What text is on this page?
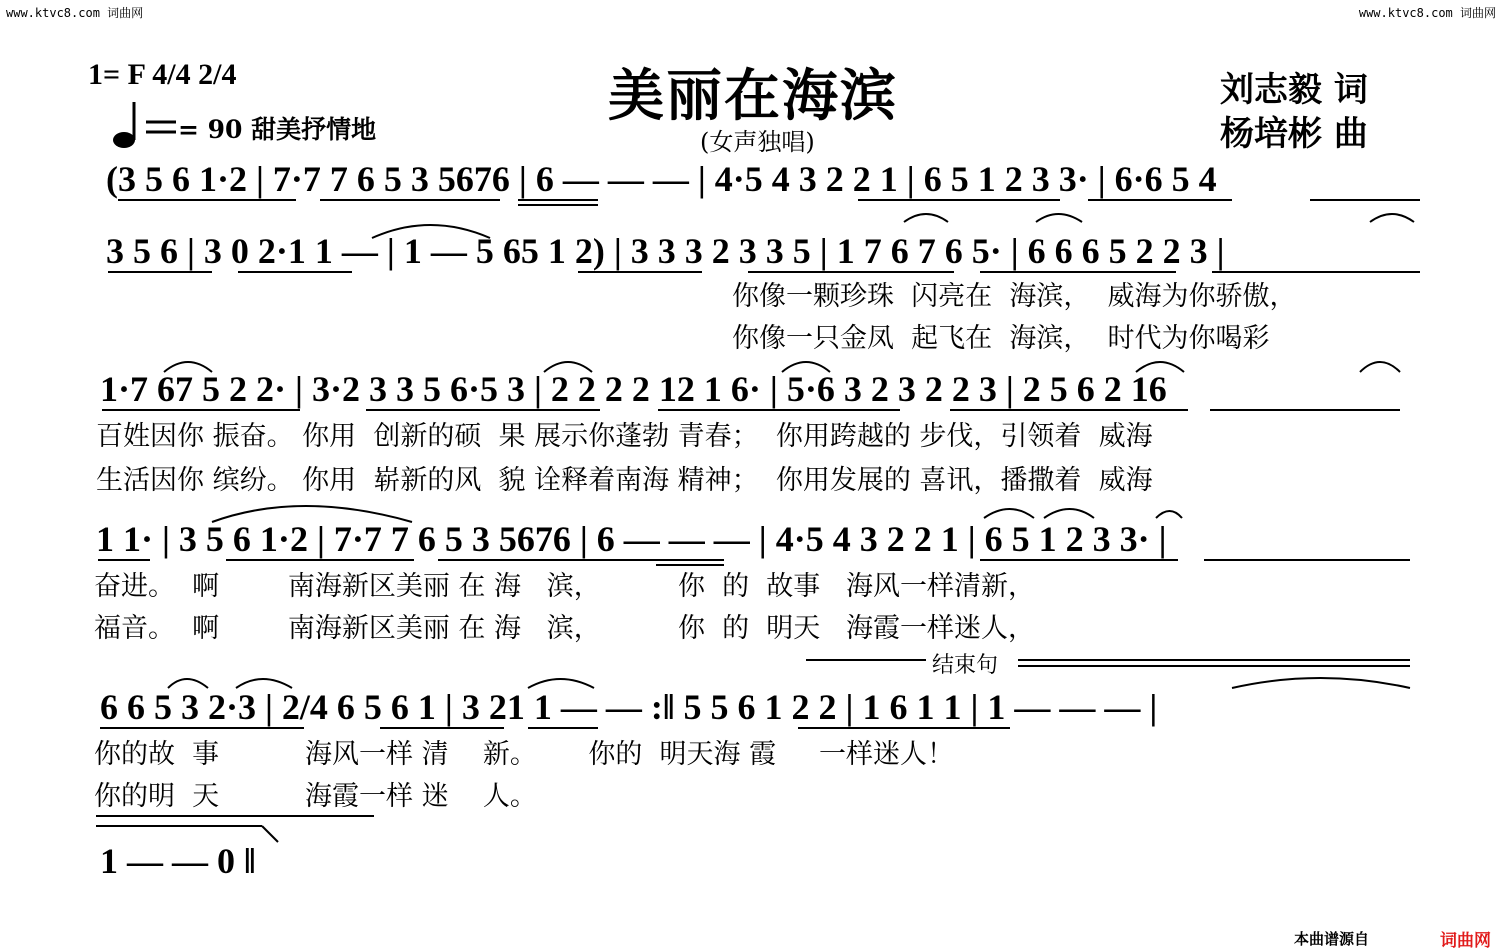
www.ktvc8.com 词曲网	www.ktvc8.com 词曲网
1= F 4/4 2/4
= 90 甜美抒情地
美丽在海滨
(女声独唱)
刘志毅 词
杨培彬 曲
(3 5 6 1·2 | 7·7 7 6 5 3 5676 | 6 — — — | 4·5 4 3 2 2 1 | 6 5 1 2 3 3· | 6·6 5 4
3 5 6 | 3 0 2·1 1 — | 1 — 5 65 1 2) | 3 3 3 2 3 3 5 | 1 7 6 7 6 5· | 6 6 6 5 2 2 3 |
你像一颗珍珠  闪亮在  海滨，  威海为你骄傲，
你像一只金凤  起飞在  海滨，  时代为你喝彩
1·7 67 5 2 2· | 3·2 3 3 5 6·5 3 | 2 2 2 2 12 1 6· | 5·6 3 2 3 2 2 3 | 2 5 6 2 16
百姓因你 振奋。 你用  创新的硕  果 展示你蓬勃 青春；  你用跨越的 步伐，引领着  威海
生活因你 缤纷。 你用  崭新的风  貌 诠释着南海 精神；  你用发展的 喜讯，播撒着  威海
1 1· | 3 5 6 1·2 | 7·7 7 6 5 3 5676 | 6 — — — | 4·5 4 3 2 2 1 | 6 5 1 2 3 3· |
奋进。  啊        南海新区美丽 在 海   滨，         你  的  故事   海风一样清新，
福音。  啊        南海新区美丽 在 海   滨，         你  的  明天   海霞一样迷人，
结束句
6 6 5 3 2·3 | 2/4 6 5 6 1 | 3 21 1 — — :‖ 5 5 6 1 2 2 | 1 6 1 1 | 1 — — — |
你的故  事          海风一样 清    新。      你的  明天海 霞     一样迷人！
你的明  天          海霞一样 迷    人。
1 — — 0 ‖
本曲谱源自	词曲网
